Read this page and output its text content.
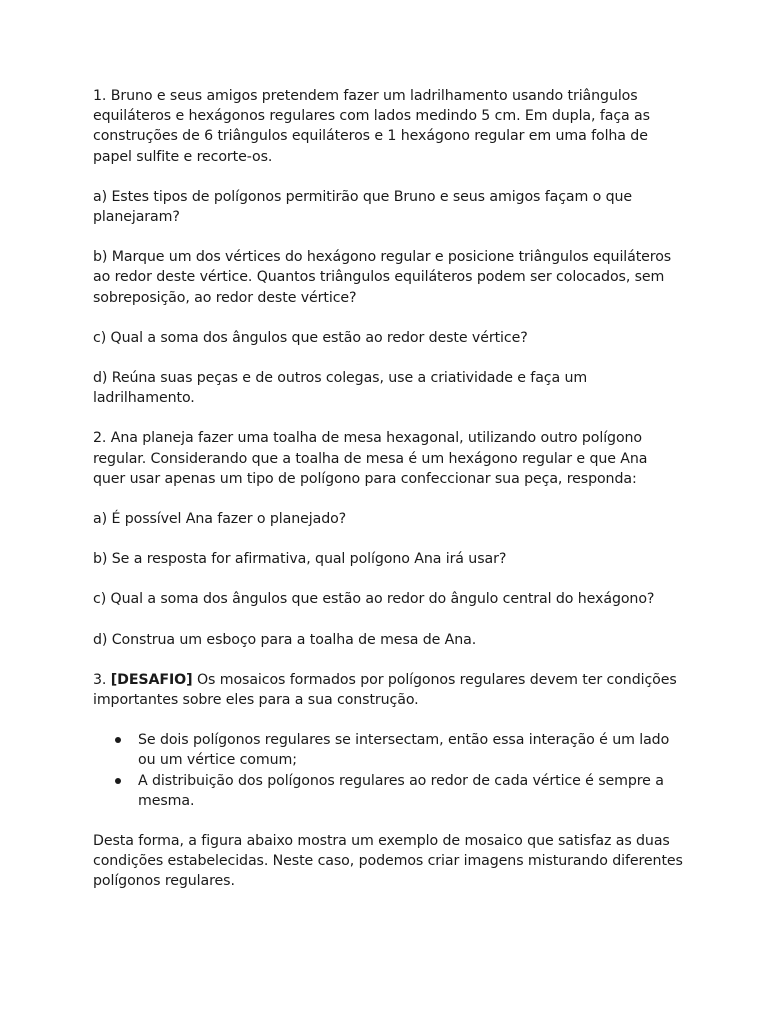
1. Bruno e seus amigos pretendem fazer um ladrilhamento usando triângulos equiláteros e hexágonos regulares com lados medindo 5 cm. Em dupla, faça as construções de 6 triângulos equiláteros e 1 hexágono regular em uma folha de papel sulfite e recorte-os.

a) Estes tipos de polígonos permitirão que Bruno e seus amigos façam o que planejaram?

b) Marque um dos vértices do hexágono regular e posicione triângulos equiláteros ao redor deste vértice. Quantos triângulos equiláteros podem ser colocados, sem sobreposição, ao redor deste vértice?

c) Qual a soma dos ângulos que estão ao redor deste vértice?

d) Reúna suas peças e de outros colegas, use a criatividade e faça um ladrilhamento.

2. Ana planeja fazer uma toalha de mesa hexagonal, utilizando outro polígono regular. Considerando que a toalha de mesa é um hexágono regular e que Ana quer usar apenas um tipo de polígono para confeccionar sua peça, responda:

a) É possível Ana fazer o planejado?

b) Se a resposta for afirmativa, qual polígono Ana irá usar?

c) Qual a soma dos ângulos que estão ao redor do ângulo central do hexágono?

d) Construa um esboço para a toalha de mesa de Ana.

3. [DESAFIO] Os mosaicos formados por polígonos regulares devem ter condições importantes sobre eles para a sua construção.

Se dois polígonos regulares se intersectam, então essa interação é um lado ou um vértice comum;
A distribuição dos polígonos regulares ao redor de cada vértice é sempre a mesma.

Desta forma, a figura abaixo mostra um exemplo de mosaico que satisfaz as duas condições estabelecidas. Neste caso, podemos criar imagens misturando diferentes polígonos regulares.
